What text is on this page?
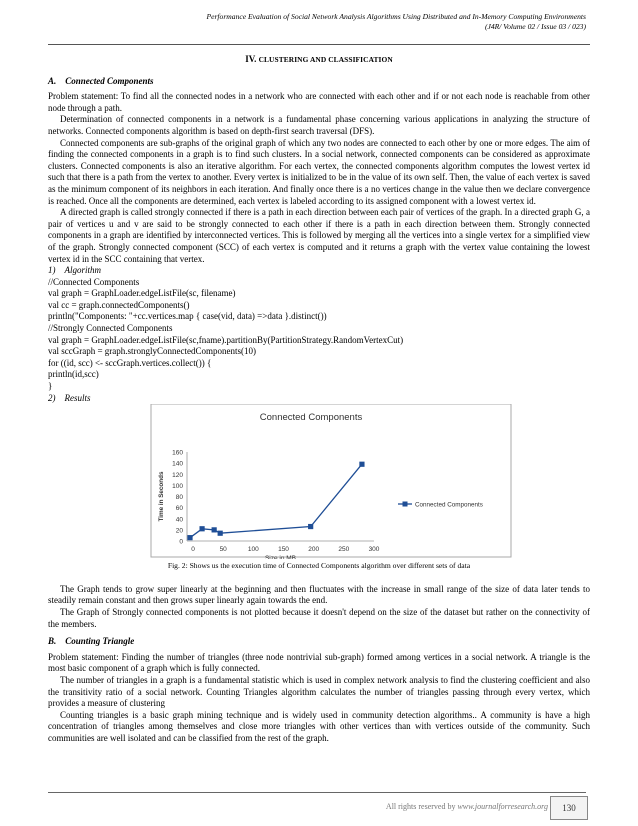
Performance Evaluation of Social Network Analysis Algorithms Using Distributed and In-Memory Computing Environments
(J4R/ Volume 02 / Issue 03 / 023)
IV. CLUSTERING AND CLASSIFICATION
A. Connected Components

Problem statement: To find all the connected nodes in a network who are connected with each other and if or not each node is reachable from other node through a path.

Determination of connected components in a network is a fundamental phase concerning various applications in analyzing the structure of networks. Connected components algorithm is based on depth-first search traversal (DFS).

Connected components are sub-graphs of the original graph of which any two nodes are connected to each other by one or more edges. The aim of finding the connected components in a graph is to find such clusters. In a social network, connected components can be considered as approximate clusters. Connected components is also an iterative algorithm. For each vertex, the connected components algorithm computes the lowest vertex id such that there is a path from the vertex to another. Every vertex is initialized to be in the value of its own self. Then, the value of each vertex is saved as the minimum component of its neighbors in each iteration. And finally once there is a no vertices change in the value then we declare convergence is reached. Once all the components are determined, each vertex is labeled according to its assigned component with a lowest vertex id.

A directed graph is called strongly connected if there is a path in each direction between each pair of vertices of the graph. In a directed graph G, a pair of vertices u and v are said to be strongly connected to each other if there is a path in each direction between them. Strongly connected components in a graph are identified by interconnected vertices. This is followed by merging all the vertices into a single vertex for a simplified view of the graph. Strongly connected component (SCC) of each vertex is computed and it returns a graph with the vertex value containing the lowest vertex id in the SCC containing that vertex.

1) Algorithm

//Connected Components

val graph = GraphLoader.edgeListFile(sc, filename)

val cc = graph.connectedComponents()

println("Components: "+cc.vertices.map { case(vid, data) =>data }.distinct())

//Strongly Connected Components

val graph = GraphLoader.edgeListFile(sc,fname).partitionBy(PartitionStrategy.RandomVertexCut)

val sccGraph = graph.stronglyConnectedComponents(10)

for ((id, scc) <- sccGraph.vertices.collect()) {

println(id,scc)

}

2) Results

Connected Components
0
20
40
60
80
100
120
140
160
0	50	100	150	200	250	300
Size in MB
Time in Seconds	Connected Components
Fig. 2: Shows us the execution time of Connected Components algorithm over different sets of data

The Graph tends to grow super linearly at the beginning and then fluctuates with the increase in small range of the size of data later tends to steadily remain constant and then grows super linearly again towards the end.

The Graph of Strongly connected components is not plotted because it doesn't depend on the size of the dataset but rather on the connectivity of the members.

B. Counting Triangle

Problem statement: Finding the number of triangles (three node nontrivial sub-graph) formed among vertices in a social network. A triangle is the most basic component of a graph which is fully connected.

The number of triangles in a graph is a fundamental statistic which is used in complex network analysis to find the clustering coefficient and also the transitivity ratio of a social network. Counting Triangles algorithm calculates the number of triangles passing through every vertex, which provides a measure of clustering

Counting triangles is a basic graph mining technique and is widely used in community detection algorithms.. A community is have a high concentration of triangles among themselves and close more triangles with other vertices than with vertices outside of the community. Such communities are well isolated and can be classified from the rest of the graph.

All rights reserved by www.journalforresearch.org	130
